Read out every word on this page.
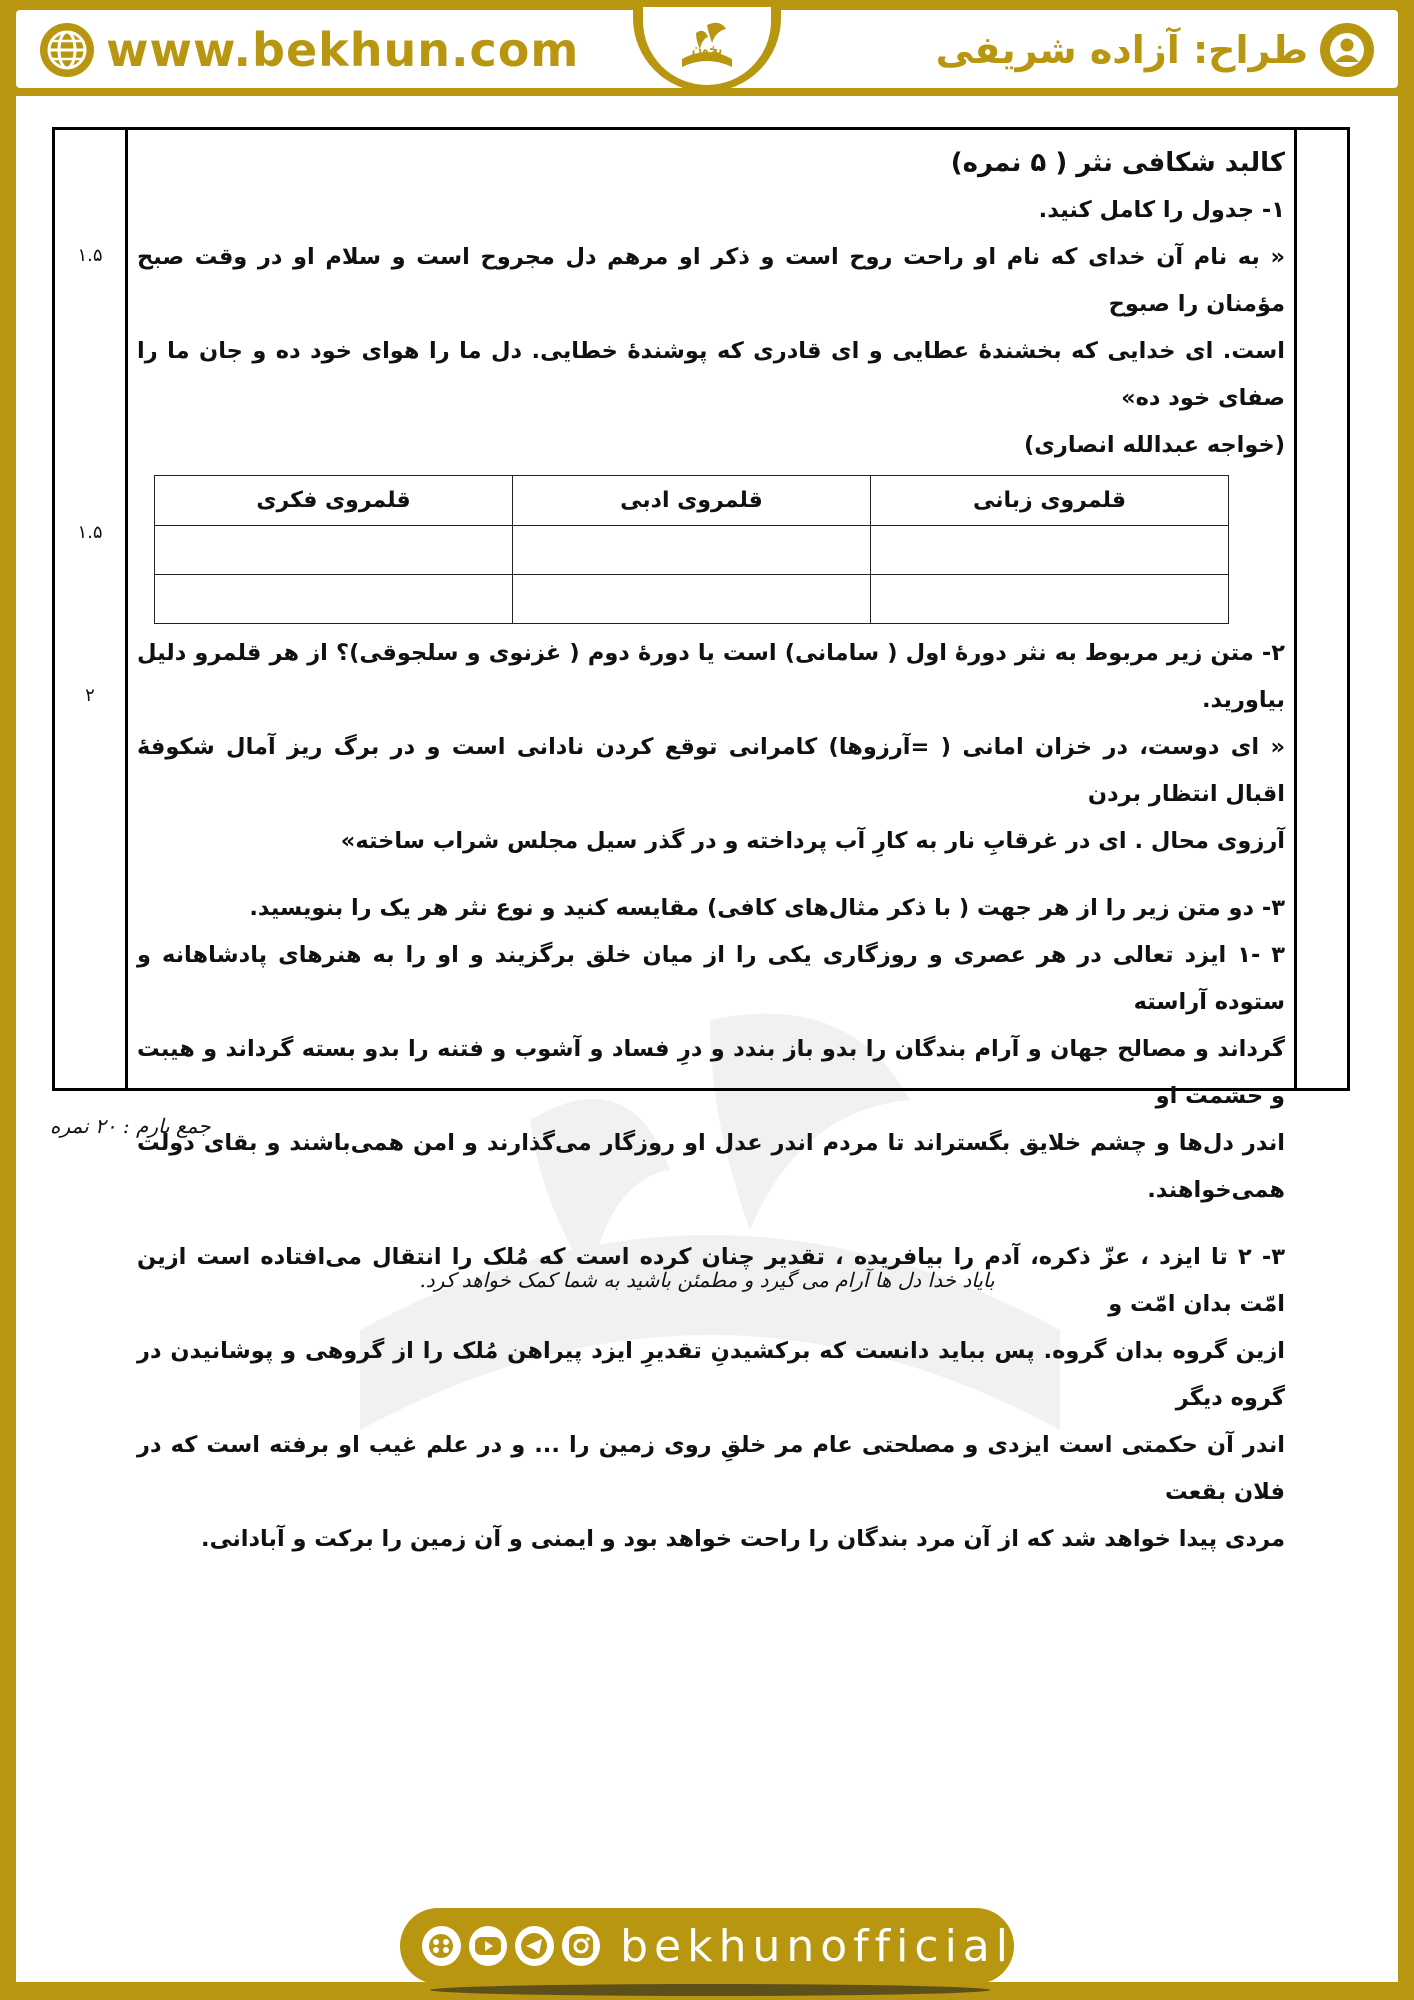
www.bekhun.com	طراح: آزاده شریفی
بخون
۱.۵
۱.۵
۲

کالبد شکافی نثر ( ۵ نمره)

۱- جدول را کامل کنید.

« به نام آن خدای که نام او راحت روح است و ذکر او مرهم دل مجروح است و سلام او در وقت صبح مؤمنان را صبوح

است. ای خدایی که بخشندهٔ عطایی و ای قادری که پوشندهٔ خطایی. دل ما را هوای خود ده و جان ما را صفای خود ده»

(خواجه عبدالله انصاری)

قلمروی زبانی	قلمروی ادبی	قلمروی فکری

۲- متن زیر مربوط به نثر دورهٔ اول ( سامانی) است یا دورهٔ دوم ( غزنوی و سلجوقی)؟ از هر قلمرو دلیل بیاورید.

« ای دوست، در خزان امانی ( =آرزوها) کامرانی توقع کردن نادانی است و در برگ ریز آمال شکوفهٔ اقبال انتظار بردن

آرزوی محال . ای در غرقابِ نار به کارِ آب پرداخته و در گذر سیل مجلس شراب ساخته»

۳- دو متن زیر را از هر جهت ( با ذکر مثال‌های کافی) مقایسه کنید و نوع نثر هر یک را بنویسید.

۳ -۱ ایزد تعالی در هر عصری و روزگاری یکی را از میان خلق برگزیند و او را به هنرهای پادشاهانه و ستوده آراسته

گرداند و مصالح جهان و آرام بندگان را بدو باز بندد و درِ فساد و آشوب و فتنه را بدو بسته گرداند و هیبت و حشمت او

اندر دل‌ها و چشم خلایق بگستراند تا مردم اندر عدل او روزگار می‌گذارند و امن همی‌باشند و بقای دولت همی‌خواهند.

۳- ۲ تا ایزد ، عزّ ذکره، آدم را بیافریده ، تقدیر چنان کرده است که مُلک را انتقال می‌افتاده است ازین امّت بدان امّت و

ازین گروه بدان گروه. پس بباید دانست که برکشیدنِ تقدیرِ ایزد پیراهن مُلک را از گروهی و پوشانیدن در گروه دیگر

اندر آن حکمتی است ایزدی و مصلحتی عام مر خلقِ روی زمین را ... و در علم غیب او برفته است که در فلان بقعت

مردی پیدا خواهد شد که از آن مرد بندگان را راحت خواهد بود و ایمنی و آن زمین را برکت و آبادانی.

جمع بارم : ۲۰ نمره
بایاد خدا دل ها آرام می گیرد و مطمئن باشید به شما کمک خواهد کرد.
bekhunofficial
